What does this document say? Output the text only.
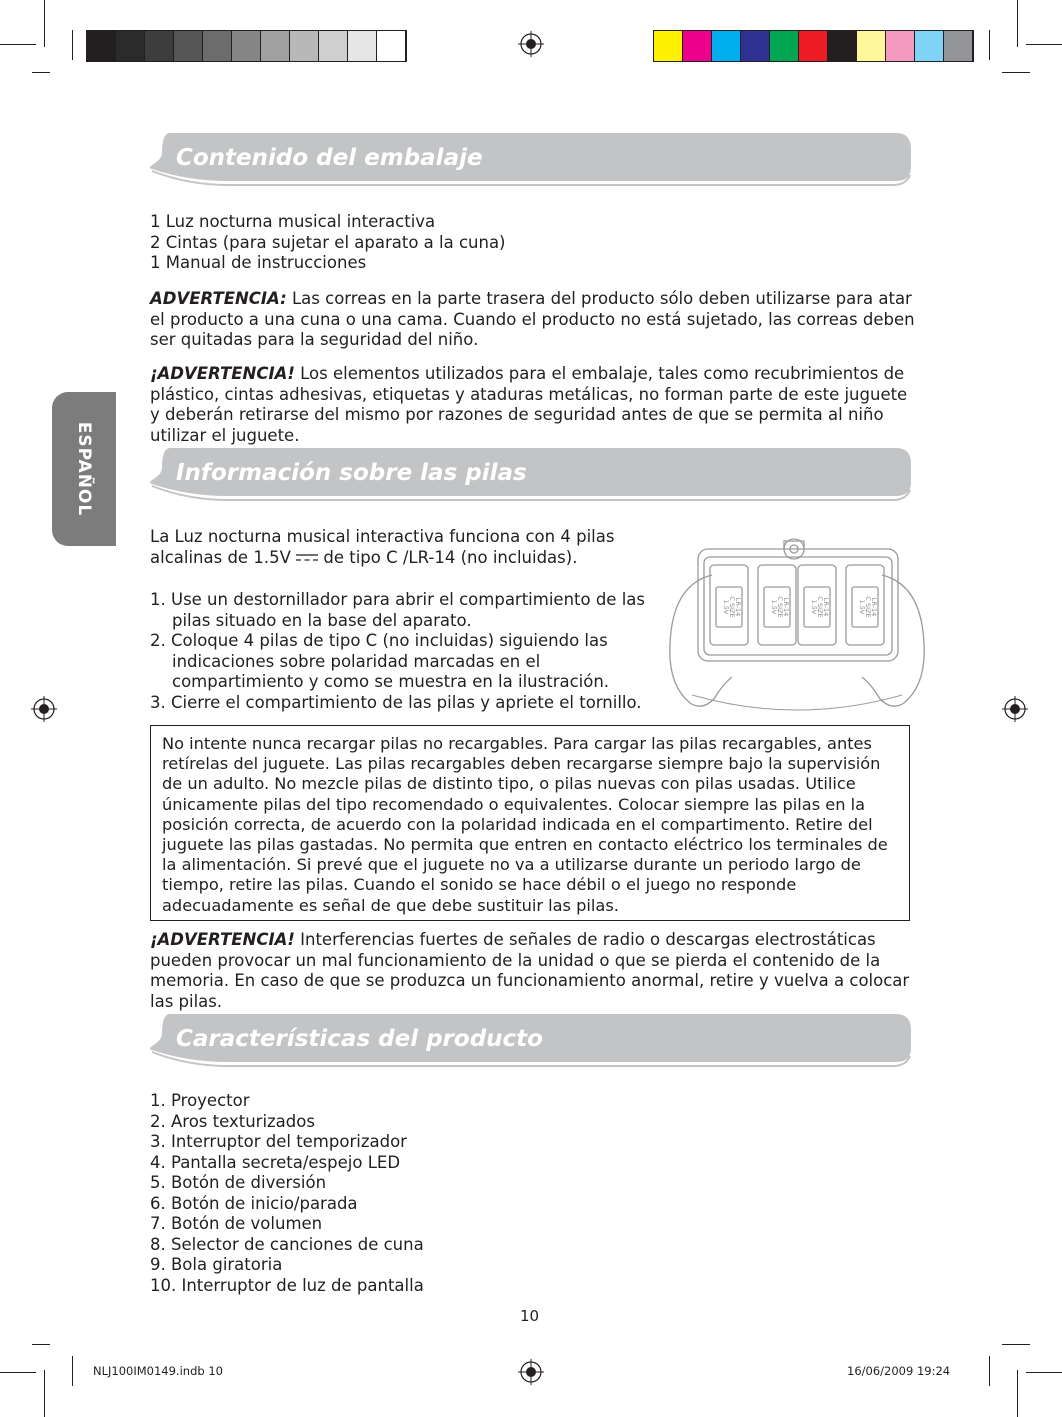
ESPAÑOL
Contenido del embalaje
1 Luz nocturna musical interactiva
2 Cintas (para sujetar el aparato a la cuna)
1 Manual de instrucciones

ADVERTENCIA: Las correas en la parte trasera del producto sólo deben utilizarse para atar el producto a una cuna o una cama. Cuando el producto no está sujetado, las correas deben ser quitadas para la seguridad del niño.

¡ADVERTENCIA! Los elementos utilizados para el embalaje, tales como recubrimientos de plástico, cintas adhesivas, etiquetas y ataduras metálicas, no forman parte de este juguete y deberán retirarse del mismo por razones de seguridad antes de que se permita al niño utilizar el juguete.

Información sobre las pilas
La Luz nocturna musical interactiva funciona con 4 pilas
alcalinas de 1.5V  de tipo C /LR-14 (no incluidas).

1. Use un destornillador para abrir el compartimiento de las pilas situado en la base del aparato.

2. Coloque 4 pilas de tipo C (no incluidas) siguiendo las indicaciones sobre polaridad marcadas en el compartimiento y como se muestra en la ilustración.

3. Cierre el compartimiento de las pilas y apriete el tornillo.

1.5V
C SIZE
LR-14	1.5V
C SIZE
LR-14	1.5V
C SIZE
LR-14	1.5V
C SIZE
LR-14

No intente nunca recargar pilas no recargables. Para cargar las pilas recargables, antes retírelas del juguete. Las pilas recargables deben recargarse siempre bajo la supervisión de un adulto. No mezcle pilas de distinto tipo, o pilas nuevas con pilas usadas. Utilice únicamente pilas del tipo recomendado o equivalentes. Colocar siempre las pilas en la posición correcta, de acuerdo con la polaridad indicada en el compartimento. Retire del juguete las pilas gastadas. No permita que entren en contacto eléctrico los terminales de la alimentación. Si prevé que el juguete no va a utilizarse durante un periodo largo de tiempo, retire las pilas. Cuando el sonido se hace débil o el juego no responde adecuadamente es señal de que debe sustituir las pilas.

¡ADVERTENCIA! Interferencias fuertes de señales de radio o descargas electrostáticas pueden provocar un mal funcionamiento de la unidad o que se pierda el contenido de la memoria. En caso de que se produzca un funcionamiento anormal, retire y vuelva a colocar las pilas.

Características del producto
1. Proyector
2. Aros texturizados
3. Interruptor del temporizador
4. Pantalla secreta/espejo LED
5. Botón de diversión
6. Botón de inicio/parada
7. Botón de volumen
8. Selector de canciones de cuna
9. Bola giratoria
10. Interruptor de luz de pantalla
10
NLJ100IM0149.indb 10	16/06/2009 19:24
